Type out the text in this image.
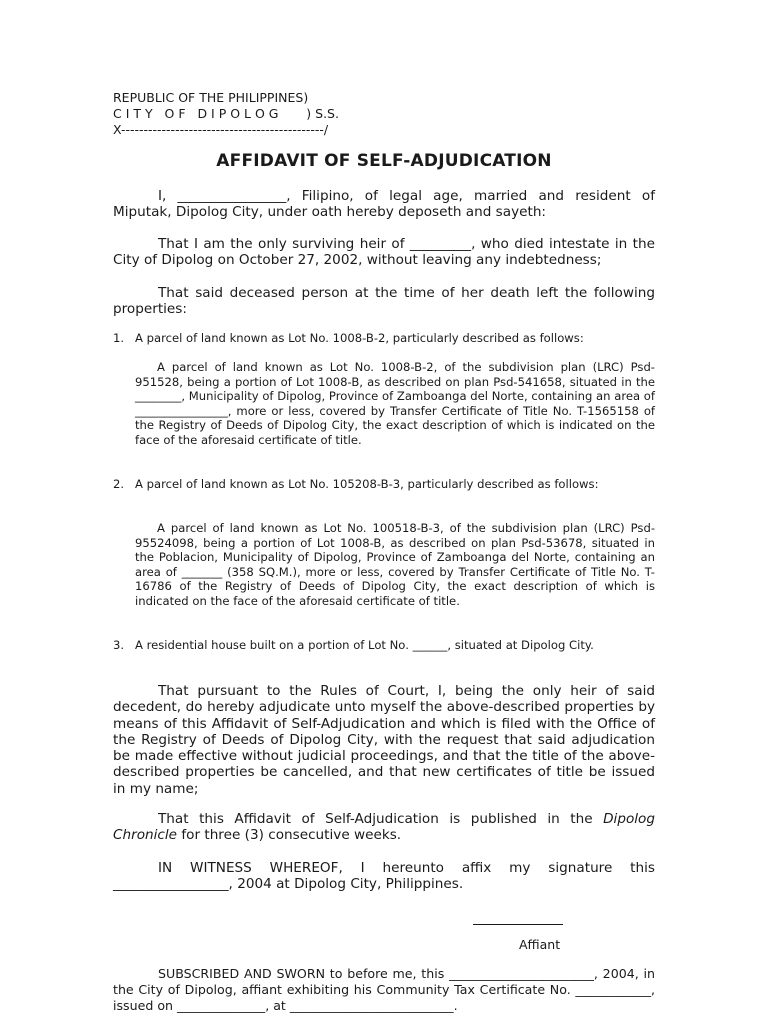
REPUBLIC OF THE PHILIPPINES)
C I T Y   O F   D I P O L O G       ) S.S.
X---------------------------------------------/
AFFIDAVIT OF SELF-ADJUDICATION

I, ________________, Filipino, of legal age, married and resident of Miputak, Dipolog City, under oath hereby deposeth and sayeth:

That I am the only surviving heir of _________, who died intestate in the City of Dipolog on October 27, 2002, without leaving any indebtedness;

That said deceased person at the time of her death left the following properties:

1. A parcel of land known as Lot No. 1008-B-2, particularly described as follows:

A parcel of land known as Lot No. 1008-B-2, of the subdivision plan (LRC) Psd-951528, being a portion of Lot 1008-B, as described on plan Psd-541658, situated in the ________, Municipality of Dipolog, Province of Zamboanga del Norte, containing an area of ________________, more or less, covered by Transfer Certificate of Title No. T-1565158 of the Registry of Deeds of Dipolog City, the exact description of which is indicated on the face of the aforesaid certificate of title.

2. A parcel of land known as Lot No. 105208-B-3, particularly described as follows:

A parcel of land known as Lot No. 100518-B-3, of the subdivision plan (LRC) Psd-95524098, being a portion of Lot 1008-B, as described on plan Psd-53678, situated in the Poblacion, Municipality of Dipolog, Province of Zamboanga del Norte, containing an area of _______ (358 SQ.M.), more or less, covered by Transfer Certificate of Title No. T-16786 of the Registry of Deeds of Dipolog City, the exact description of which is indicated on the face of the aforesaid certificate of title.

3. A residential house built on a portion of Lot No. ______, situated at Dipolog City.

That pursuant to the Rules of Court, I, being the only heir of said decedent, do hereby adjudicate unto myself the above-described properties by means of this Affidavit of Self-Adjudication and which is filed with the Office of the Registry of Deeds of Dipolog City, with the request that said adjudication be made effective without judicial proceedings, and that the title of the above-described properties be cancelled, and that new certificates of title be issued in my name;

That this Affidavit of Self-Adjudication is published in the Dipolog Chronicle for three (3) consecutive weeks.

IN WITNESS WHEREOF, I hereunto affix my signature this _________________, 2004 at Dipolog City, Philippines.

Affiant

SUBSCRIBED AND SWORN to before me, this _______________________, 2004, in the City of Dipolog, affiant exhibiting his Community Tax Certificate No. ____________, issued on ______________, at __________________________.
